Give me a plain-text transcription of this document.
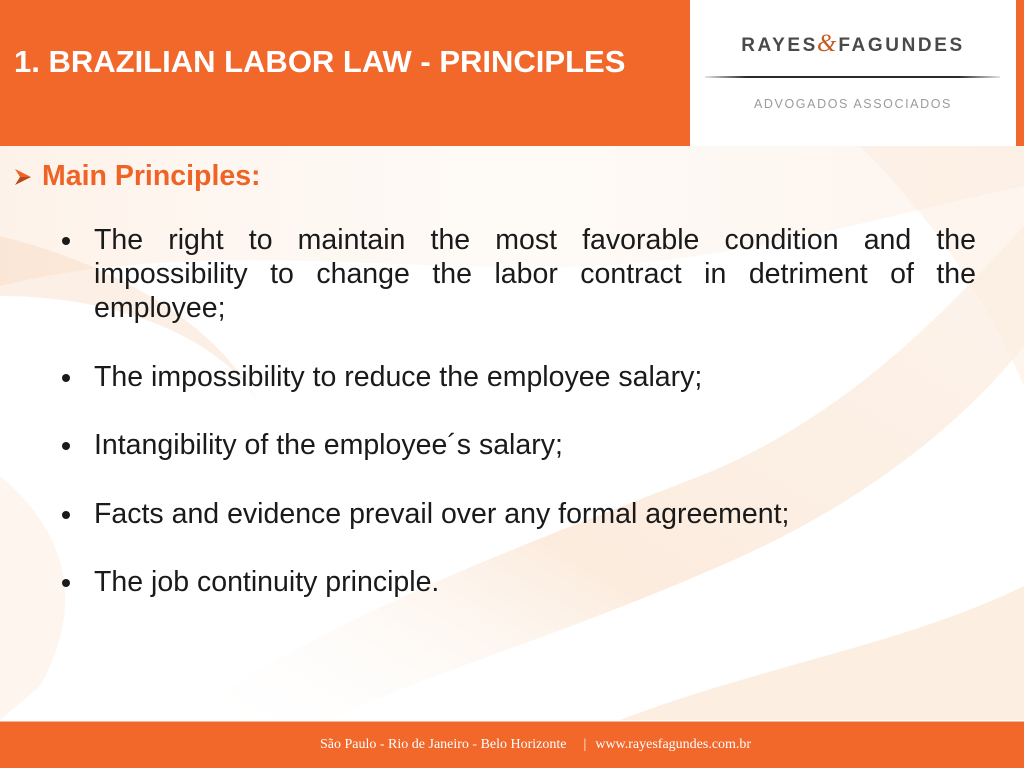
1. BRAZILIAN LABOR LAW - PRINCIPLES	RAYES&FAGUNDES
ADVOGADOS ASSOCIADOS
Main Principles:
The right to maintain the most favorable condition and the impossibility to change the labor contract in detriment of the employee;
The impossibility to reduce the employee salary;
Intangibility of the employee´s salary;
Facts and evidence prevail over any formal agreement;
The job continuity principle.
São Paulo - Rio de Janeiro - Belo Horizonte | www.rayesfagundes.com.br
